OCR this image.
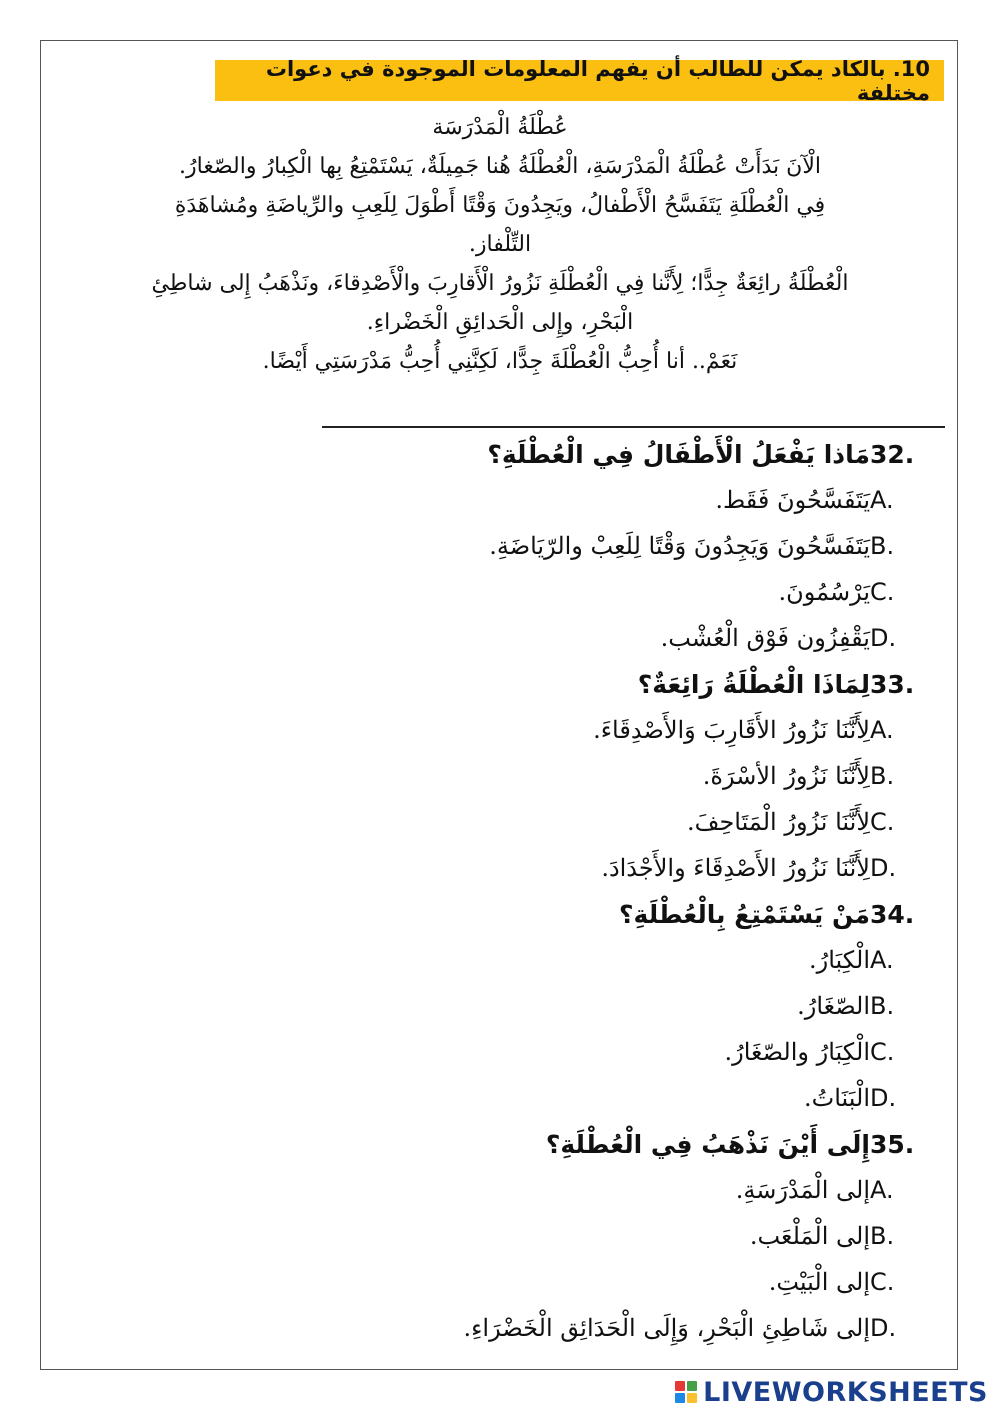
10. بالكاد يمكن للطالب أن يفهم المعلومات الموجودة في دعوات مختلفة
عُطْلَةُ الْمَدْرَسَة
الْآنَ بَدَأَتْ عُطْلَةُ الْمَدْرَسَةِ، الْعُطْلَةُ هُنا جَمِيلَةٌ، يَسْتَمْتِعُ بِها الْكِبارُ والصّغارُ.
فِي الْعُطْلَةِ يَتَفَسَّحُ الْأَطْفالُ، ويَجِدُونَ وَقْتًا أَطْوَلَ لِلَعِبِ والرِّياضَةِ ومُشاهَدَةِ
التِّلْفاز.
الْعُطْلَةُ رائِعَةٌ جِدًّا؛ لِأَنَّنا فِي الْعُطْلَةِ نَزُورُ الْأَقارِبَ والْأَصْدِقاءَ، ونَذْهَبُ إِلى شاطِئِ
الْبَحْرِ، وإِلى الْحَدائِقِ الْخَضْراءِ.
نَعَمْ.. أنا أُحِبُّ الْعُطْلَةَ جِدًّا، لَكِنَّنِي أُحِبُّ مَدْرَسَتِي أَيْضًا.
32.
مَاذا يَفْعَلُ الْأَطْفَالُ فِي الْعُطْلَةِ؟
A.
يَتَفَسَّحُونَ فَقَط.
B.
يَتَفَسَّحُونَ وَيَجِدُونَ وَقْتًا لِلَعِبْ والرّيَاضَةِ.
C.
يَرْسُمُونَ.
D.
يَقْفِزُون فَوْق الْعُشْب.
33.
لِمَاذَا الْعُطْلَةُ رَائِعَةٌ؟
A.
لِأَنَّنَا نَزُورُ الأَقَارِبَ وَالأَصْدِقَاءَ.
B.
لِأَنَّنَا نَزُورُ الأسْرَةَ.
C.
لِأَنَّنَا نَزُورُ الْمَتَاحِفَ.
D.
لِأَنَّنَا نَزُورُ الأَصْدِقَاءَ والأَجْدَادَ.
34.
مَنْ يَسْتَمْتِعُ بِالْعُطْلَةِ؟
A.
الْكِبَارُ.
B.
الصّغَارُ.
C.
الْكِبَارُ والصّغَارُ.
D.
الْبَنَاتُ.
35.
إِلَى أَيْنَ نَذْهَبُ فِي الْعُطْلَةِ؟
A.
إلى الْمَدْرَسَةِ.
B.
إلى الْمَلْعَب.
C.
إلى الْبَيْتِ.
D.
إلى شَاطِئِ الْبَحْرِ، وَإِلَى الْحَدَائِق الْخَضْرَاءِ.
LIVEWORKSHEETS
